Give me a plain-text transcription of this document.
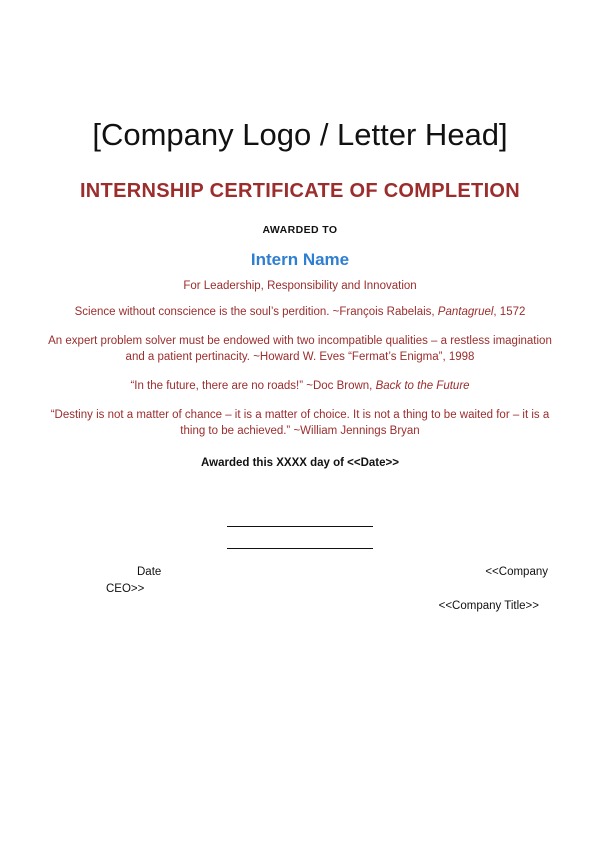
[Company Logo / Letter Head]
INTERNSHIP CERTIFICATE OF COMPLETION
AWARDED TO
Intern Name
For Leadership, Responsibility and Innovation
Science without conscience is the soul’s perdition. ~François Rabelais, Pantagruel, 1572
An expert problem solver must be endowed with two incompatible qualities – a restless imagination and a patient pertinacity. ~Howard W. Eves “Fermat’s Enigma”, 1998
“In the future, there are no roads!” ~Doc Brown, Back to the Future
“Destiny is not a matter of chance – it is a matter of choice. It is not a thing to be waited for – it is a thing to be achieved.” ~William Jennings Bryan
Awarded this XXXX day of <<Date>>
Date
CEO>>
<<Company
<<Company Title>>
